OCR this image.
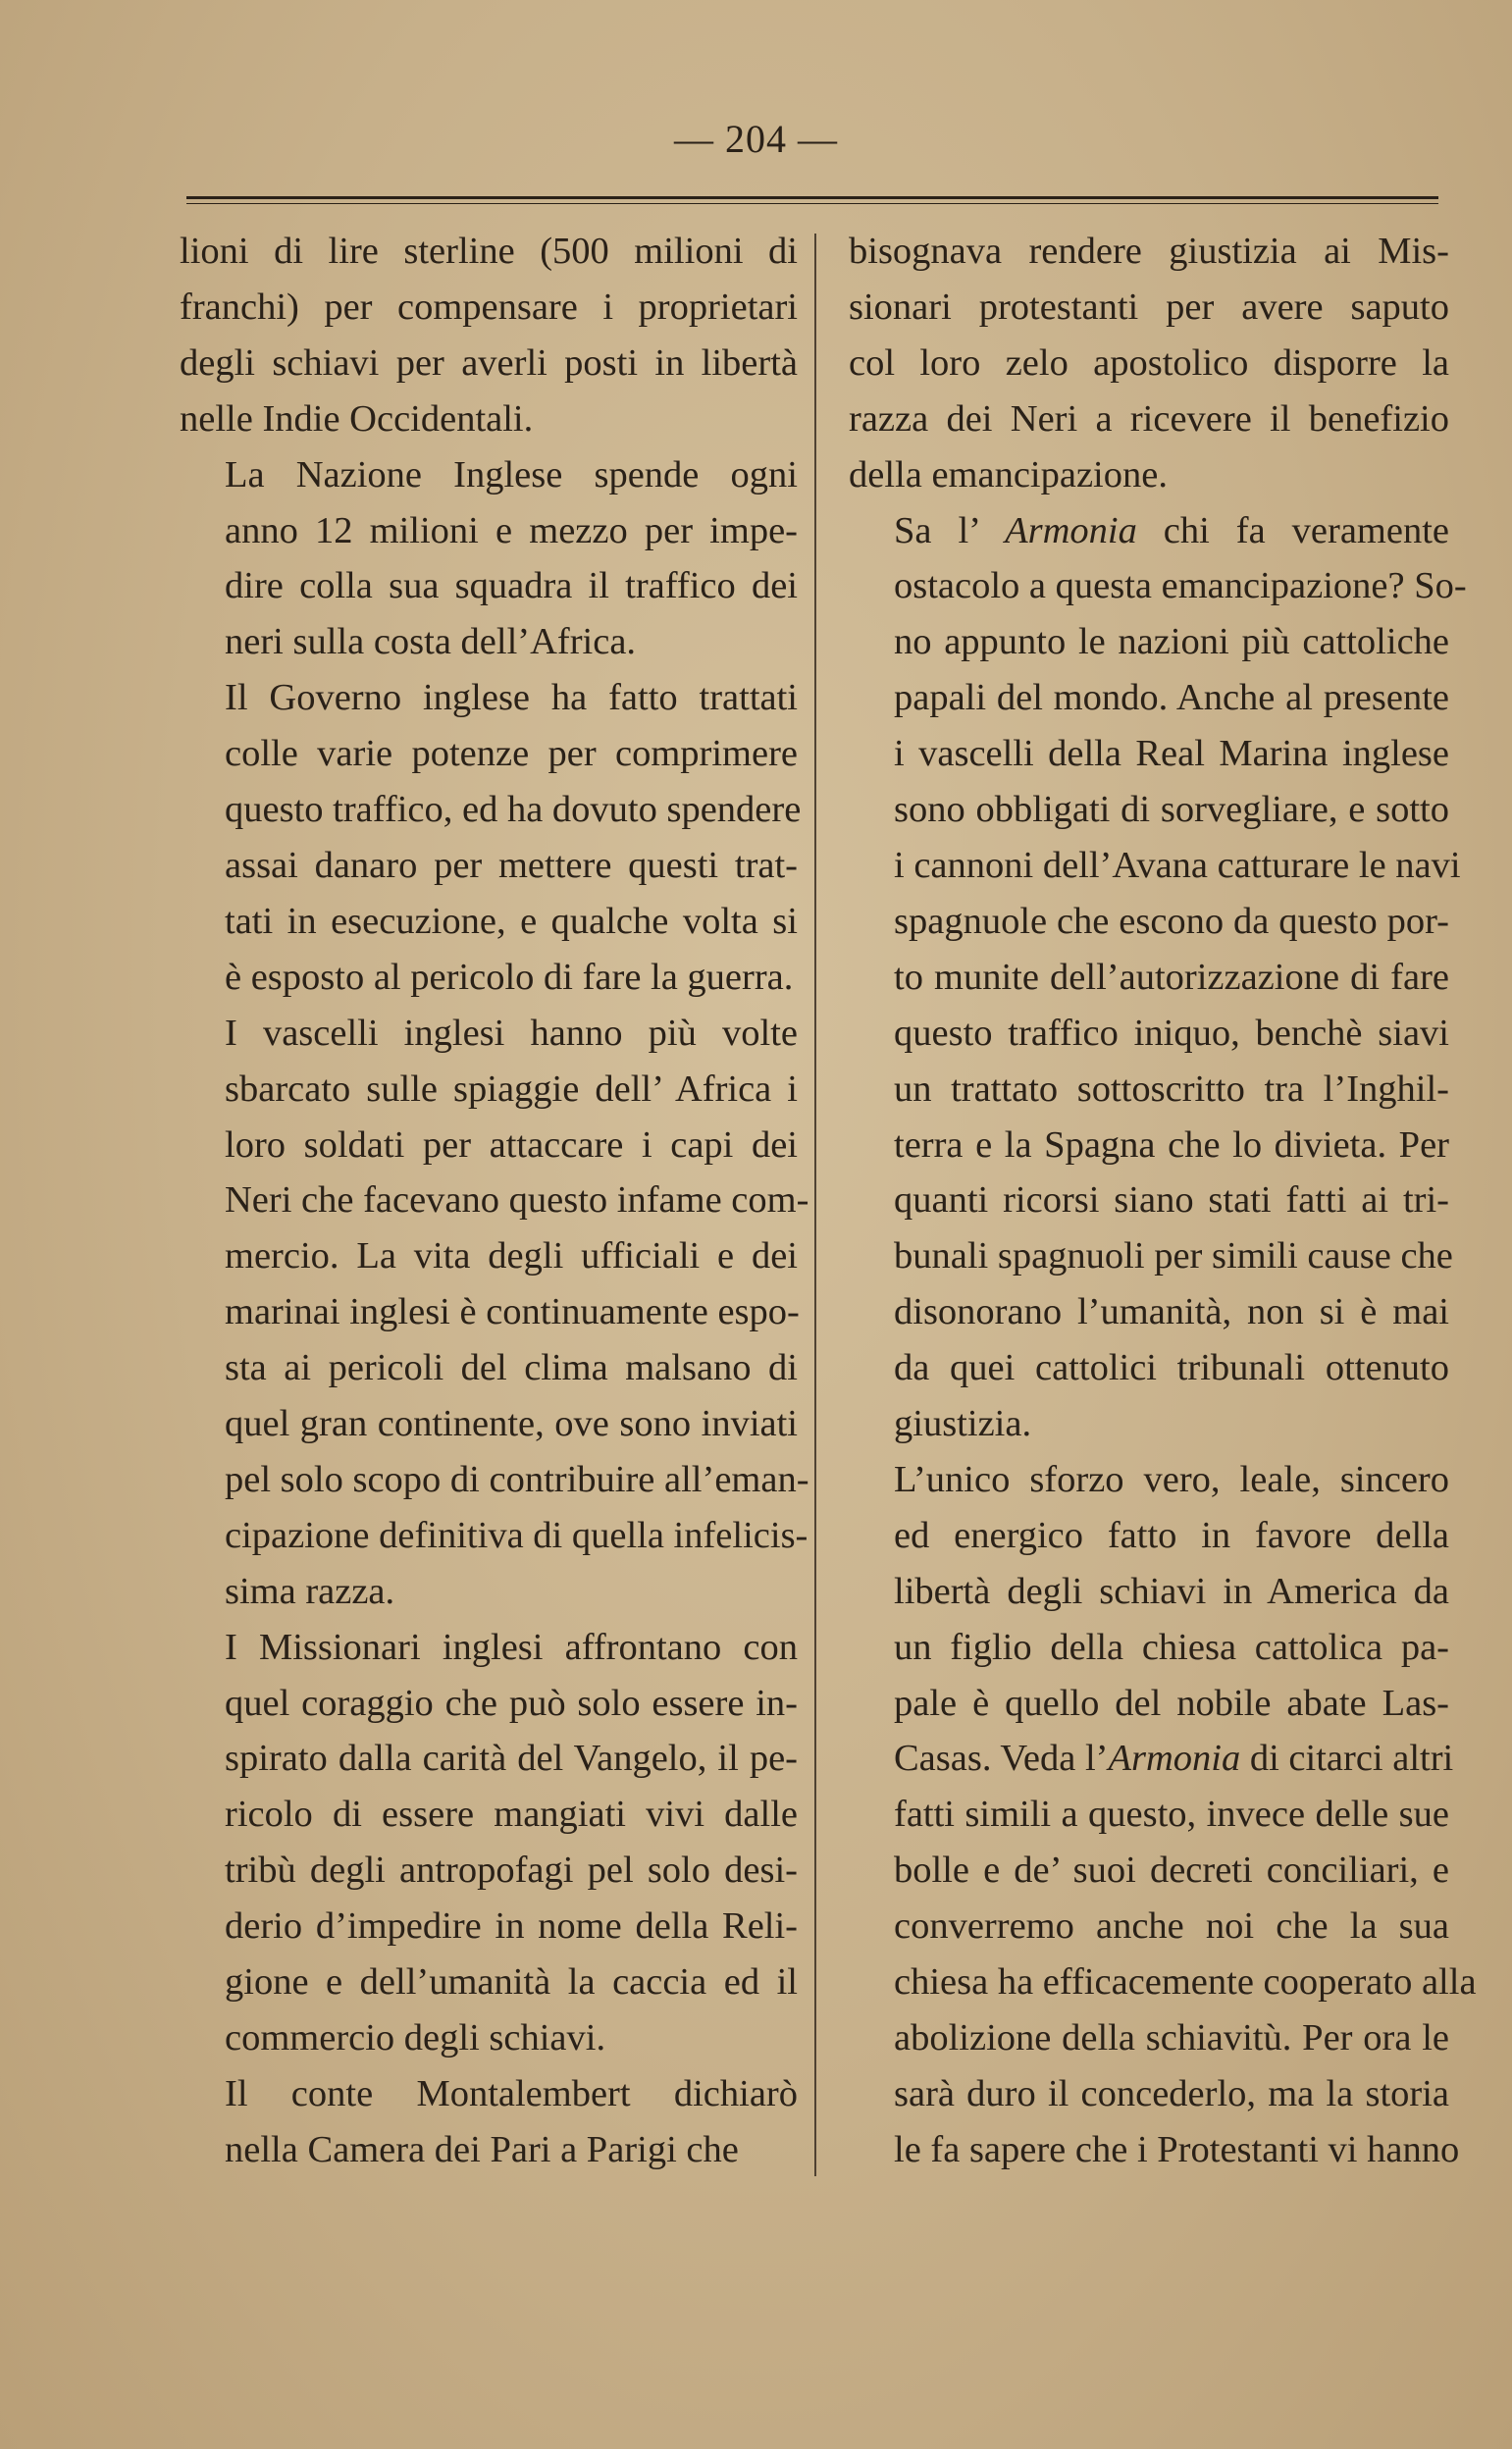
— 204 —

lioni di lire sterline (500 milioni di
franchi) per compensare i proprietari
degli schiavi per averli posti in libertà
nelle Indie Occidentali.

La Nazione Inglese spende ogni
anno 12 milioni e mezzo per impe-
dire colla sua squadra il traffico dei
neri sulla costa dell’Africa.

Il Governo inglese ha fatto trattati
colle varie potenze per comprimere
questo traffico, ed ha dovuto spendere
assai danaro per mettere questi trat-
tati in esecuzione, e qualche volta si
è esposto al pericolo di fare la guerra.

I vascelli inglesi hanno più volte
sbarcato sulle spiaggie dell’ Africa i
loro soldati per attaccare i capi dei
Neri che facevano questo infame com-
mercio. La vita degli ufficiali e dei
marinai inglesi è continuamente espo-
sta ai pericoli del clima malsano di
quel gran continente, ove sono inviati
pel solo scopo di contribuire all’eman-
cipazione definitiva di quella infelicis-
sima razza.

I Missionari inglesi affrontano con
quel coraggio che può solo essere in-
spirato dalla carità del Vangelo, il pe-
ricolo di essere mangiati vivi dalle
tribù degli antropofagi pel solo desi-
derio d’impedire in nome della Reli-
gione e dell’umanità la caccia ed il
commercio degli schiavi.

Il conte Montalembert dichiarò
nella Camera dei Pari a Parigi che

bisognava rendere giustizia ai Mis-
sionari protestanti per avere saputo
col loro zelo apostolico disporre la
razza dei Neri a ricevere il benefizio
della emancipazione.

Sa l’ Armonia chi fa veramente
ostacolo a questa emancipazione? So-
no appunto le nazioni più cattoliche
papali del mondo. Anche al presente
i vascelli della Real Marina inglese
sono obbligati di sorvegliare, e sotto
i cannoni dell’Avana catturare le navi
spagnuole che escono da questo por-
to munite dell’autorizzazione di fare
questo traffico iniquo, benchè siavi
un trattato sottoscritto tra l’Inghil-
terra e la Spagna che lo divieta. Per
quanti ricorsi siano stati fatti ai tri-
bunali spagnuoli per simili cause che
disonorano l’umanità, non si è mai
da quei cattolici tribunali ottenuto
giustizia.

L’unico sforzo vero, leale, sincero
ed energico fatto in favore della
libertà degli schiavi in America da
un figlio della chiesa cattolica pa-
pale è quello del nobile abate Las-
Casas. Veda l’Armonia di citarci altri
fatti simili a questo, invece delle sue
bolle e de’ suoi decreti conciliari, e
converremo anche noi che la sua
chiesa ha efficacemente cooperato alla
abolizione della schiavitù. Per ora le
sarà duro il concederlo, ma la storia
le fa sapere che i Protestanti vi hanno
